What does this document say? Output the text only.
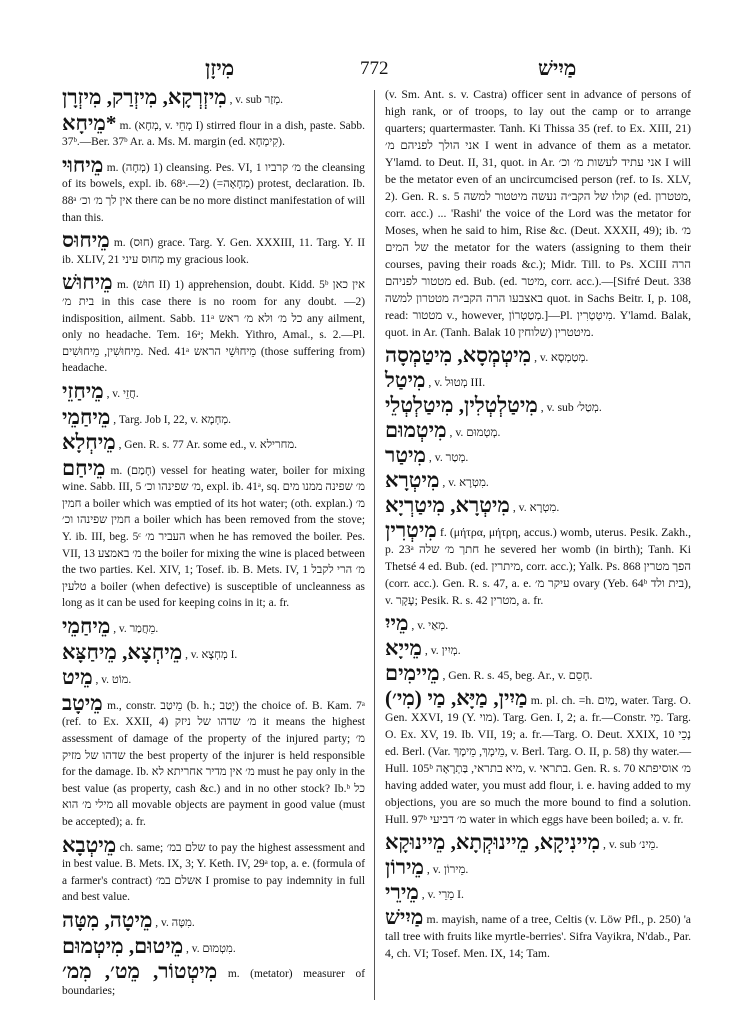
מִיזָן	772	מַיִישׁ

מִיזְרְקָא, מִיזְרַק, מִיזְרָן , v. sub מְזַר.

*מֵיחָא m. (מְחָא, v. מְחֵי I) stirred flour in a dish, paste. Sabb. 37ᵇ.—Ber. 37ᵇ Ar. a. Ms. M. margin (ed. קִימְחָא).

מֵיחוּי m. (מְחָה) 1) cleansing. Pes. VI, 1 מ׳ קרביו the cleansing of its bowels, expl. ib. 68ᵃ.—2) (=מְחָאָה) protest, declaration. Ib. 88ᵃ אין לך מ׳ וכ׳ there can be no more distinct manifestation of will than this.

מֵיחוּס m. (חוּס) grace. Targ. Y. Gen. XXXIII, 11. Targ. Y. II ib. XLIV, 21 מְחוּס עיני my gracious look.

מֵיחוּשׁ m. (חוּשׁ II) 1) apprehension, doubt. Kidd. 5ᵇ אין כאן בית מ׳ in this case there is no room for any doubt. —2) indisposition, ailment. Sabb. 11ᵃ כל מ׳ ולא מ׳ ראש any ailment, only no headache. Tem. 16ᵃ; Mekh. Yithro, Amal., s. 2.—Pl. מֵיחוּשִׁין, מֵיחוּשִׁים. Ned. 41ᵃ מֵיחוּשֵׁי הראש (those suffering from) headache.

מֵיחַזֵי , v. חֲזֵי.

מֵיחַמֵי , Targ. Job I, 22, v. מְחְמָא.

מֵיחְלָא , Gen. R. s. 77 Ar. some ed., v. מחרילא.

מֵיחַם m. (חָמַם) vessel for heating water, boiler for mixing wine. Sabb. III, 5 מ׳ שפינהו וכ׳, expl. ib. 41ᵃ, sq. מ׳ שפינה ממנו מים חמין a boiler which was emptied of its hot water; (oth. explan.) מ׳ חמין שפינהו וכ׳ a boiler which has been removed from the stove; Y. ib. III, beg. 5ᶜ העביר מ׳ when he has removed the boiler. Pes. VII, 13 מ׳ באמצע the boiler for mixing the wine is placed between the two parties. Kel. XIV, 1; Tosef. ib. B. Mets. IV, 1 מ׳ הרי לקבל טלעין a boiler (when defective) is susceptible of uncleanness as long as it can be used for keeping coins in it; a. fr.

מֵיחַמֵי , v. מֵחֲמַר.

מֵיחְצָא, מֵיחַצָּא , v. מְחְצָא I.

מֵיט , v. מוֹט.

מֵיטָב m., constr. מֵיטַב (b. h.; יָטַב) the choice of. B. Kam. 7ᵃ (ref. to Ex. XXII, 4) מ׳ שדהו של ניזק it means the highest assessment of damage of the property of the injured party; מ׳ שדהו של מזיק the best property of the injurer is held responsible for the damage. Ib. מ׳ אין מדיר אחריתא לא must he pay only in the best value (as property, cash &c.) and in no other stock? Ib.ᵇ כל מילי מ׳ הוא all movable objects are payment in good value (must be accepted); a. fr.

מֵיטְבָא ch. same; שלם במ׳ to pay the highest assessment and in best value. B. Mets. IX, 3; Y. Keth. IV, 29ᵃ top, a. e. (formula of a farmer's contract) אשלם במ׳ I promise to pay indemnity in full and best value.

מֵיטָה, מִטָּה , v. מִטָּה.

מֵיטוּם, מִיטְמוּם , v. מִטְמוּם.

מִיטְטוֹר, מֵט׳, מִמ׳ m. (metator) measurer of boundaries;

(v. Sm. Ant. s. v. Castra) officer sent in advance of persons of high rank, or of troops, to lay out the camp or to arrange quarters; quartermaster. Tanh. Ki Thissa 35 (ref. to Ex. XIII, 21) אני הולך לפניהם מ׳ I went in advance of them as a metator. Y'lamd. to Deut. II, 31, quot. in Ar. אני עתיד לעשות מ׳ וכ׳ I will be the metator even of an uncircumcised person (ref. to Is. XLV, 2). Gen. R. s. 5 קולו של הקב״ה נעשה מיטטור למשה (ed. מטטרון, corr. acc.) ... 'Rashi' the voice of the Lord was the metator for Moses, when he said to him, Rise &c. (Deut. XXXII, 49); ib. מ׳ של המים the metator for the waters (assigning to them their courses, paving their roads &c.); Midr. Till. to Ps. XCIII הרה מטטור לפניהם ed. Bub. (ed. מיטר, corr. acc.).—[Sifré Deut. 338 באצבעו הרה הקב״ה מטטרון למשה quot. in Sachs Beitr. I, p. 108, read: מטטור v., however, מְטַטְרוֹן.]—Pl. מִיטְטְרִין. Y'lamd. Balak, quot. in Ar. (Tanh. Balak 10 שלוחין) מיטטרין.

מִיטְמְסָא, מִיטַמְסָה , v. מְטַמְסָא.

מִיטַל , v. מְטוּל III.

מִיטַלְטְלִין, מִיטַלְטְלֵי , v. sub מְטַל׳.

מִיטְמוּם , v. מְטְמוּם.

מִיטַר , v. מְטַר.

מִיטְרָא , v. מִטְרָא.

מִיטְרָא, מִיטַרְיָא , v. מִטְרָא.

מִיטְרִין f. (μήτρα, μήτρη, accus.) womb, uterus. Pesik. Zakh., p. 23ᵃ חתך מ׳ שלה he severed her womb (in birth); Tanh. Ki Thetsé 4 ed. Bub. (ed. מיתרין, corr. acc.); Yalk. Ps. 868 הפך מטרין (corr. acc.). Gen. R. s. 47, a. e. עיקר מ׳ ovary (Yeb. 64ᵇ בית ולד), v. עָקָר; Pesik. R. s. 42 מטרין, a. fr.

מֵייִ , v. מְאַי.

מֵייָא , v. מְיִין.

מֵיימִים , Gen. R. s. 45, beg. Ar., v. חָסֵם.

מַיִין, מַיָּא, מַי (מִי׳) m. pl. ch. =h. מַיִם, water. Targ. O. Gen. XXVI, 19 (Y. מוי). Targ. Gen. I, 2; a. fr.—Constr. מֵי. Targ. O. Ex. XV, 19. Ib. VII, 19; a. fr.—Targ. O. Deut. XXIX, 10 נָכֵי ed. Berl. (Var. מֵימָךְ, מֵימָךְ, v. Berl. Targ. O. II, p. 58) thy water.—Hull. 105ᵇ מיא בתראי, בַּתְרָאָה, v. בתראי. Gen. R. s. 70 מ׳ אוסיפתא having added water, you must add flour, i. e. having added to my objections, you are so much the more bound to find a solution. Hull. 97ᵇ מ׳ דביעי water in which eggs have been boiled; a. v. fr.

מִיינִיקָא, מֵיינוּקְתָא, מֵיינוּקָא , v. sub מֵינ׳.

מֵירוֹן , v. מֵירוֹן.

מֵירֵי , v. מֵרֵי I.

מַיִישׁ m. mayish, name of a tree, Celtis (v. Löw Pfl., p. 250) 'a tall tree with fruits like myrtle-berries'. Sifra Vayikra, N'dab., Par. 4, ch. VI; Tosef. Men. IX, 14; Tam.
